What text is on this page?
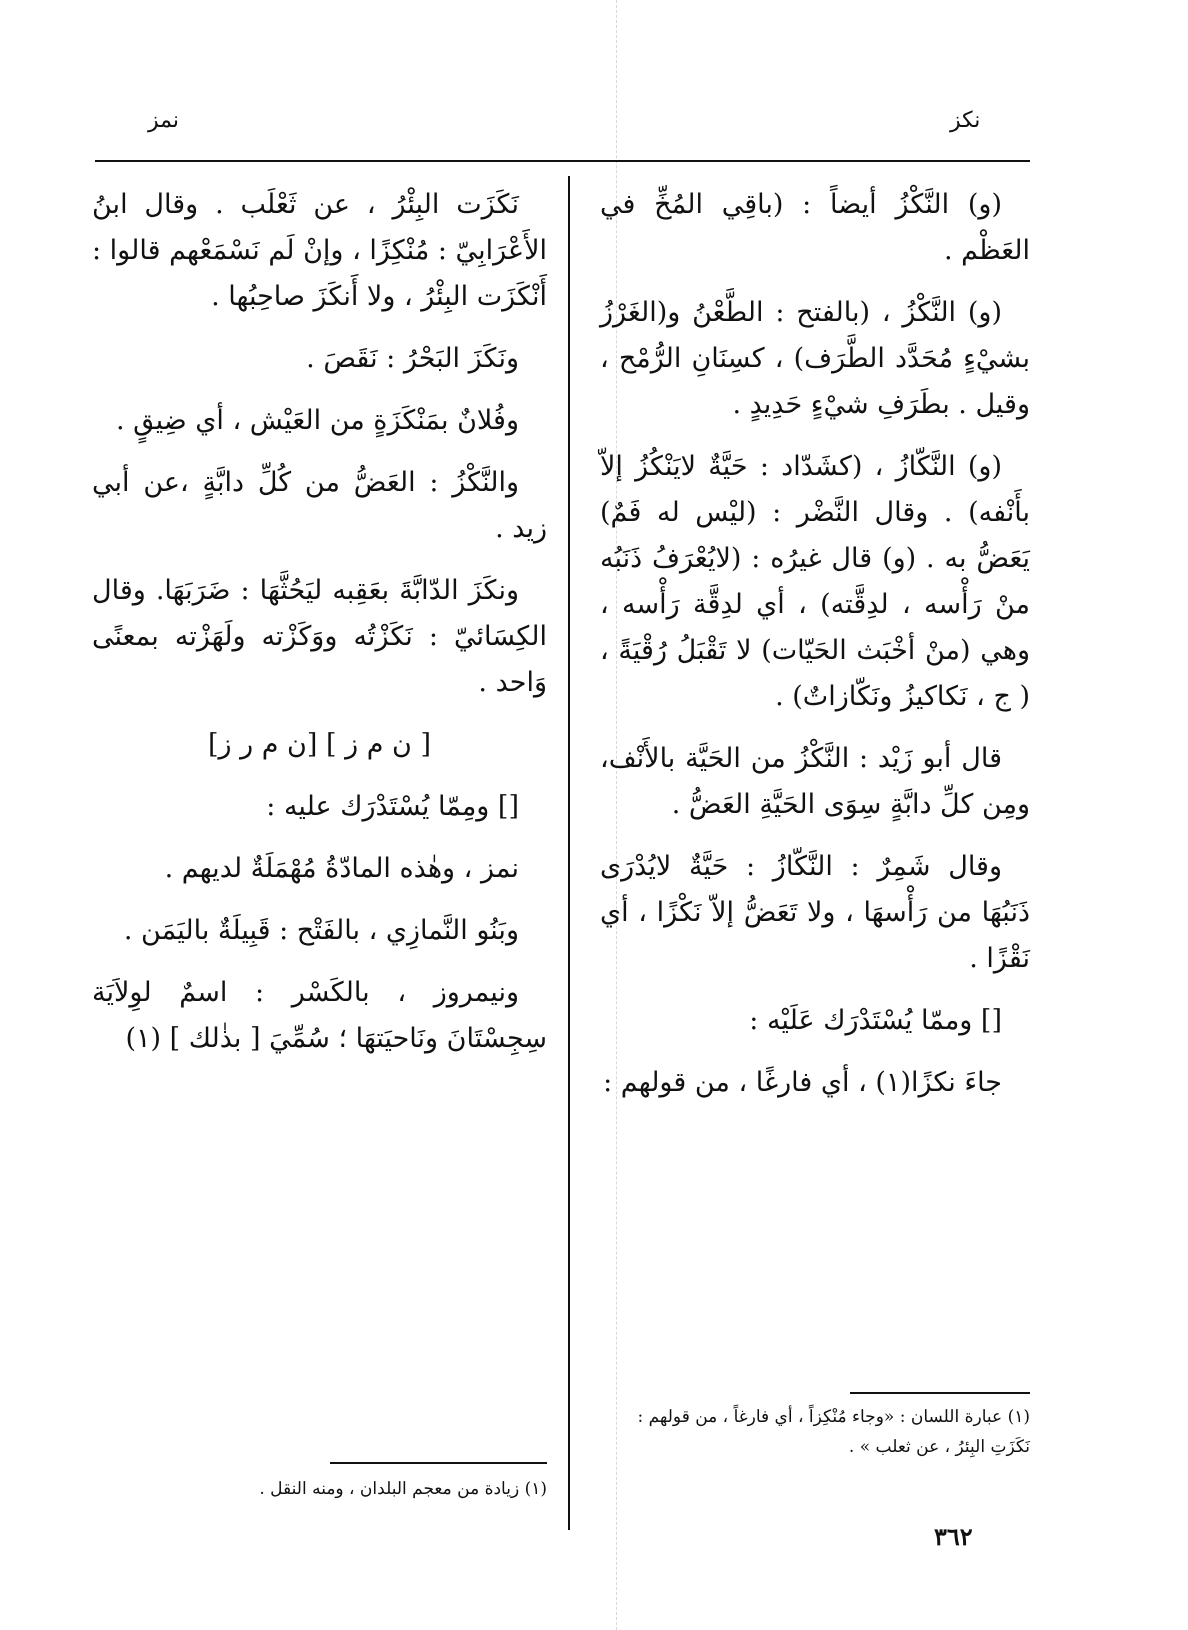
نكز
نمز

(و) النَّكْزُ أيضاً : (باقِي المُخِّ في العَظْم .

(و) النَّكْزُ ، (بالفتح : الطَّعْنُ و(الغَرْزُ بشيْءٍ مُحَدَّد الطَّرَف) ، كسِنَانِ الرُّمْح ، وقيل . بطَرَفِ شيْءٍ حَدِيدٍ .

(و) النَّكّازُ ، (كشَدّاد : حَيَّةٌ لايَنْكُزُ إلاّ بأَنْفه) . وقال النَّضْر : (ليْس له فَمٌ) يَعَضُّ به . (و) قال غيرُه : (لايُعْرَفُ ذَنَبُه منْ رَأْسه ، لدِقَّته) ، أي لدِقَّة رَأْسه ، وهي (منْ أخْبَث الحَيّات) لا تَقْبَلُ رُقْيَةً ،( ج ، نَكاكيزُ ونَكّازاتٌ) .

قال أبو زَيْد : النَّكْزُ من الحَيَّة بالأَنْف، ومِن كلِّ دابَّةٍ سِوَى الحَيَّةِ العَضُّ .

وقال شَمِرٌ : النَّكّازُ : حَيَّةٌ لايُدْرَى ذَنَبُهَا من رَأْسهَا ، ولا تَعَضُّ إلاّ نَكْزًا ، أي نَقْزًا .

[] وممّا يُسْتَدْرَك عَلَيْه :

جاءَ نكزًا(١) ، أي فارغًا ، من قولهم :

(١) عبارة اللسان : «وجاء مُنْكِزاً ، أي فارغاً ، من قولهم : نَكَزَتِ البِئرُ ، عن ثعلب » .

نَكَزَت البِئْرُ ، عن ثَعْلَب . وقال ابنُ الأَعْرَابِيّ : مُنْكِزًا ، وإنْ لَم نَسْمَعْهم قالوا : أَنْكَزَت البِئْرُ ، ولا أَنكَزَ صاحِبُها .

ونَكَزَ البَحْرُ : نَقَصَ .

وفُلانٌ بمَنْكَزَةٍ من العَيْش ، أي ضِيقٍ .

والنَّكْزُ : العَضُّ من كُلِّ دابَّةٍ ،عن أبي زيد .

ونكَزَ الدّابَّةَ بعَقِبه ليَحُثَّهَا : ضَرَبَهَا. وقال الكِسَائيّ : نَكَزْتُه ووَكَزْته ولَهَزْته بمعنًى وَاحد .

[ ن م ز ] [ن م ر ز]

[] ومِمّا يُسْتَدْرَك عليه :

نمز ، وهٰذه المادّةُ مُهْمَلَةٌ لديهم .

وبَنُو النَّمازِي ، بالفَتْح : قَبِيلَةٌ باليَمَن .

ونيمروز ، بالكَسْر : اسمٌ لوِلاَيَة سِجِسْتَانَ ونَاحيَتهَا ؛ سُمِّيَ [ بذٰلك ] (١)

(١) زيادة من معجم البلدان ، ومنه النقل .
٣٦٢
